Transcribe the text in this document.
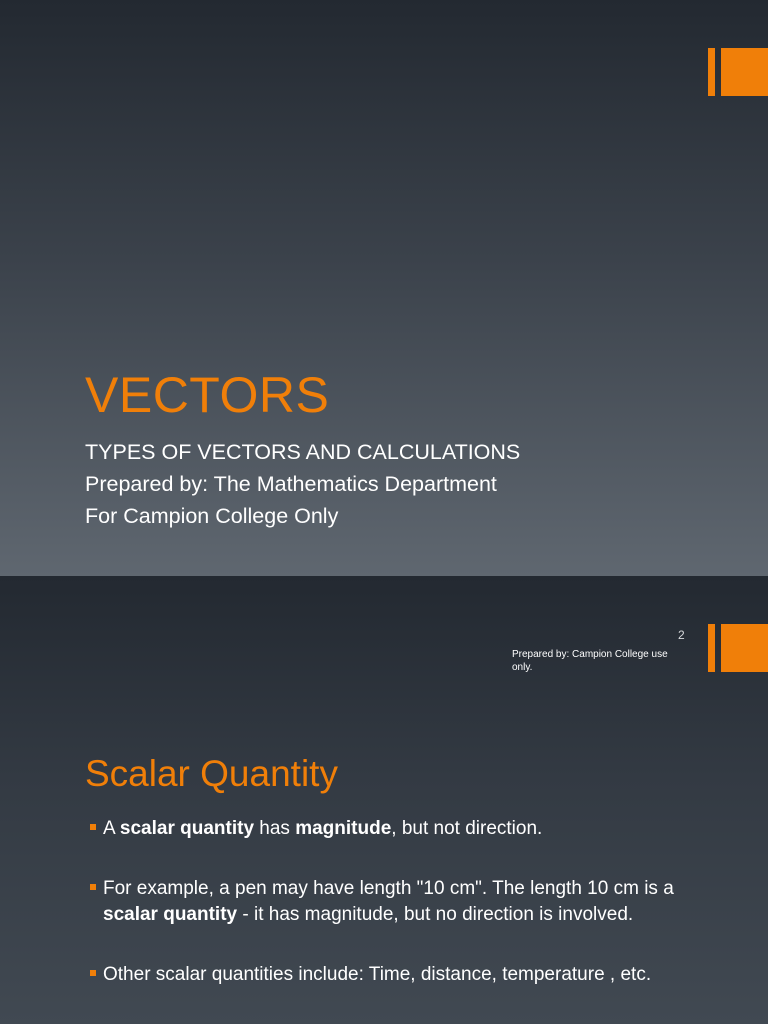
VECTORS
TYPES OF VECTORS AND CALCULATIONS
Prepared by: The Mathematics Department
For Campion College Only
2
Prepared by: Campion College use only.
Scalar Quantity
A scalar quantity has magnitude, but not direction.
For example, a pen may have length "10 cm". The length 10 cm is a scalar quantity - it has magnitude, but no direction is involved.
Other scalar quantities include: Time, distance, temperature , etc.
